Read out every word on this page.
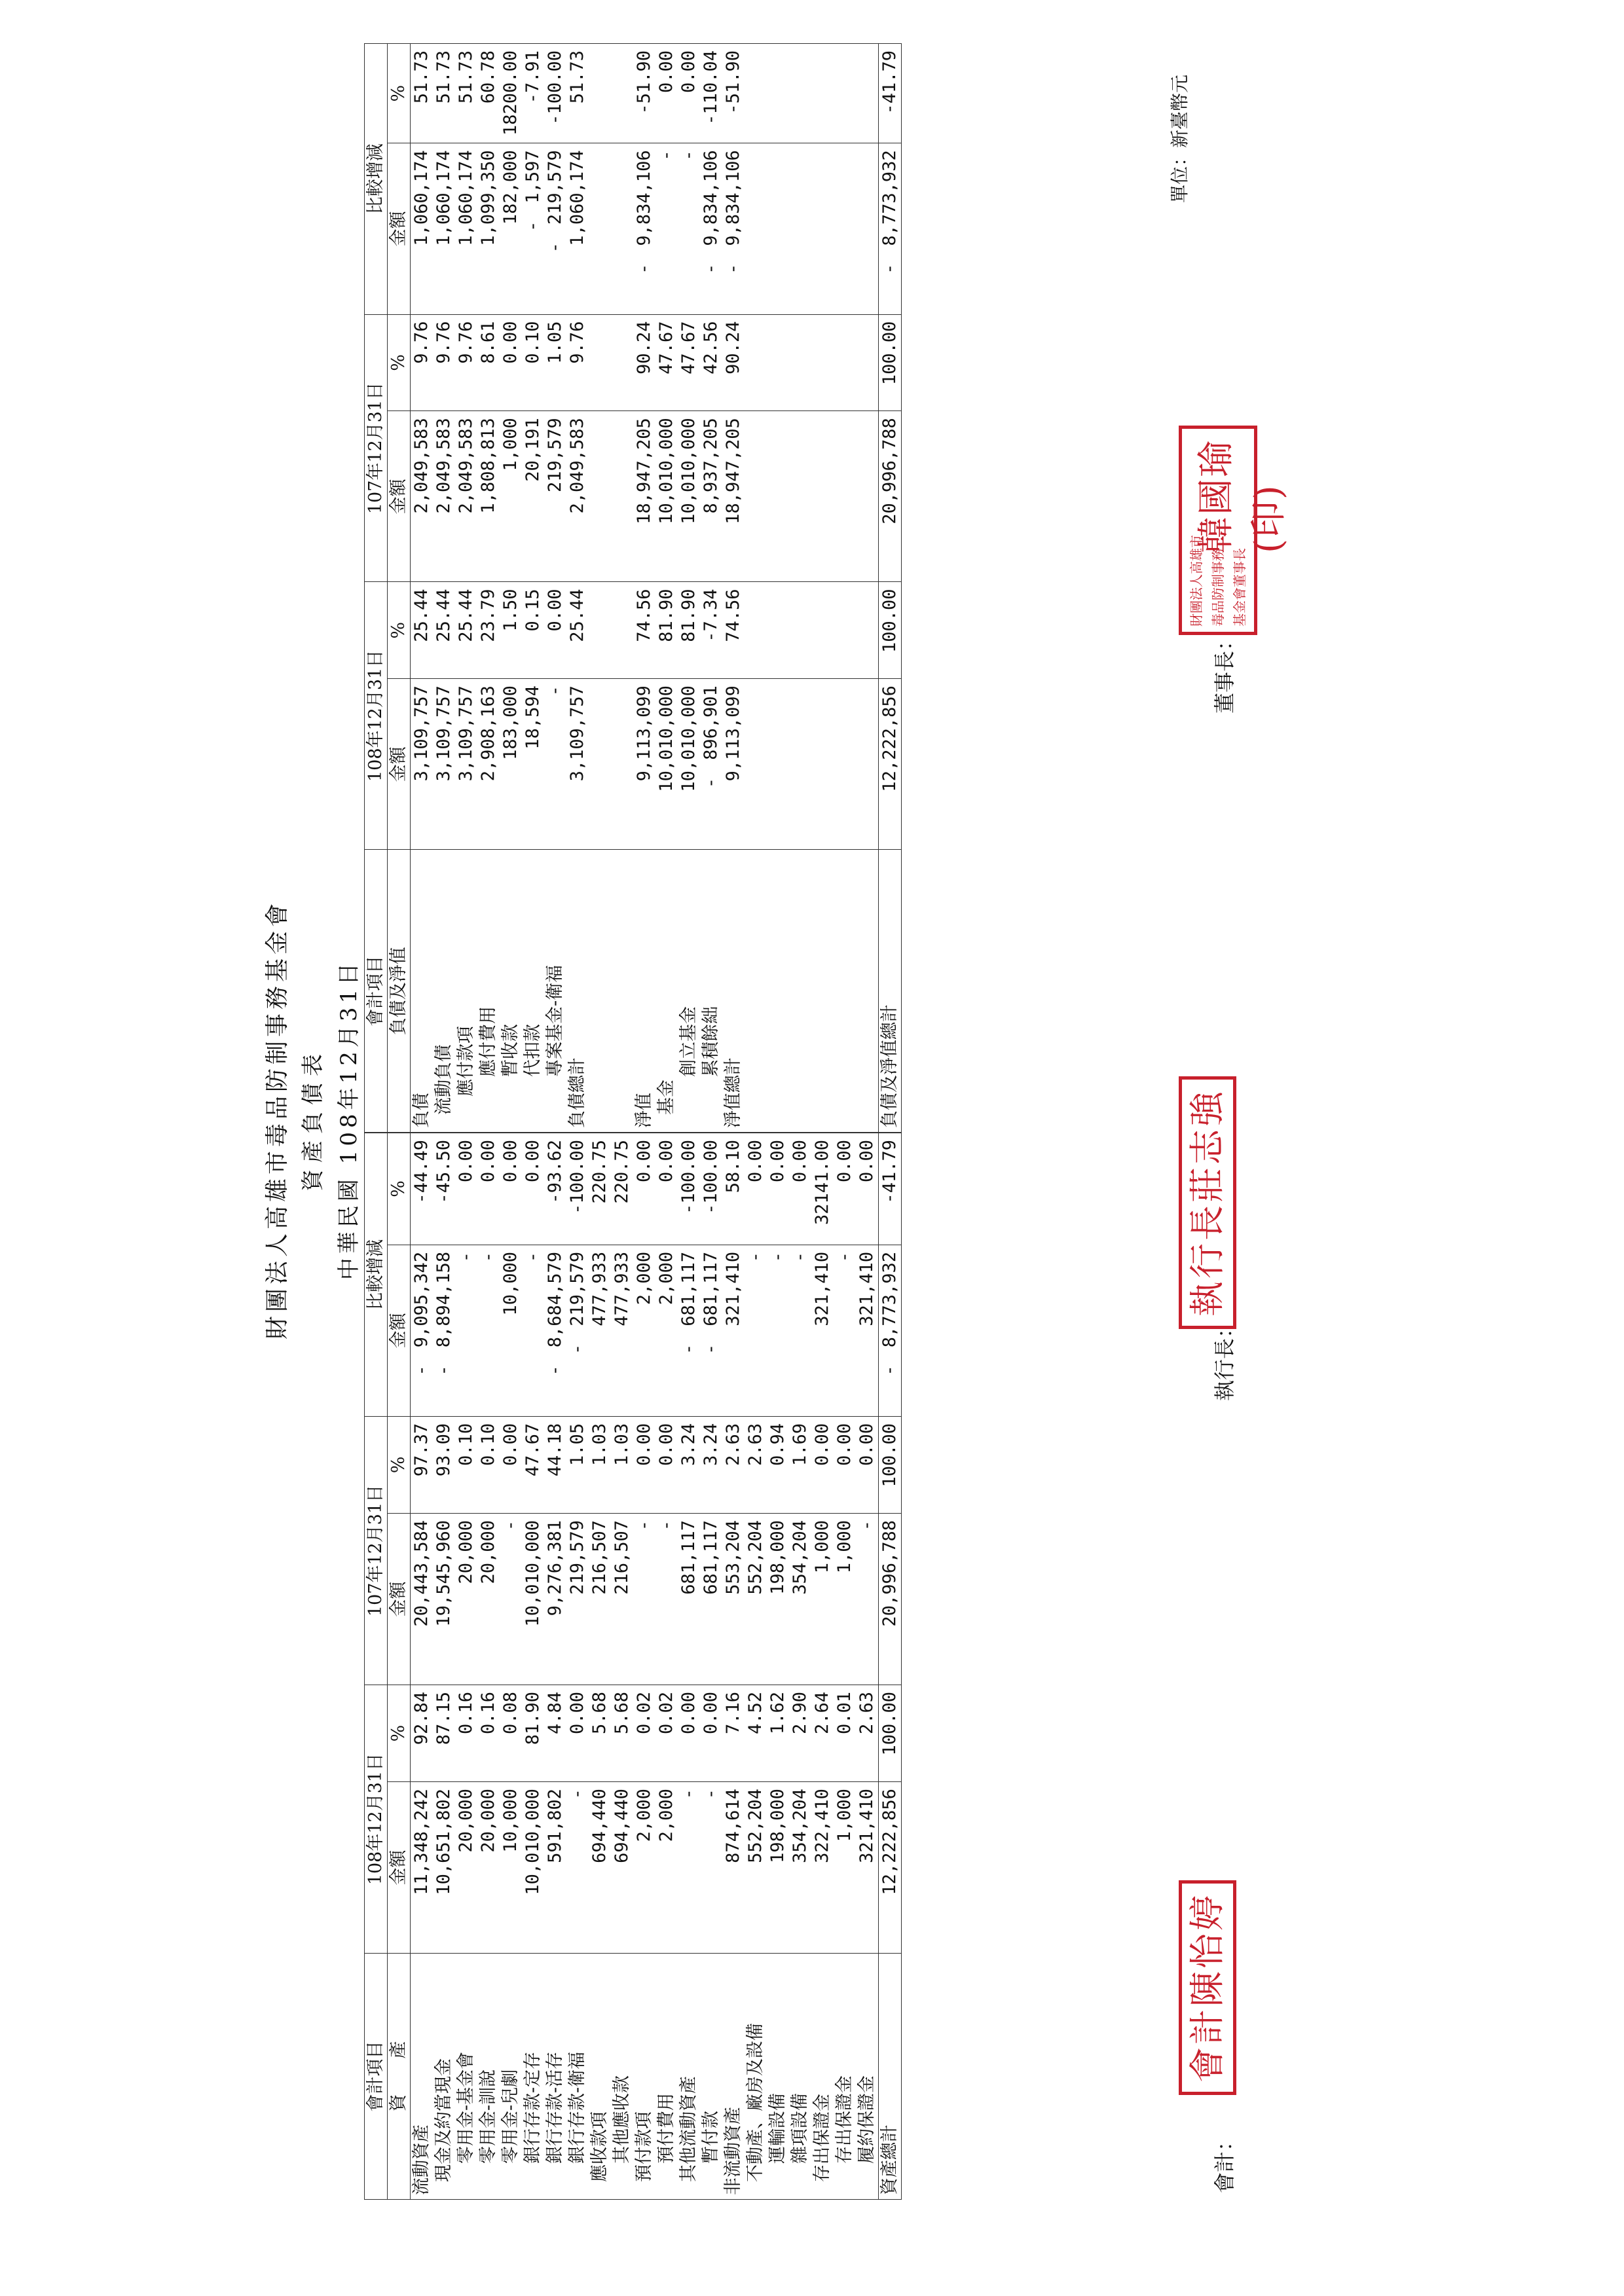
財團法人高雄市毒品防制事務基金會 資產負債表 中華民國 108年12月31日
單位：新臺幣元
會計項目	108年12月31日		107年12月31日		比較增減	
資　　產	金額	%	金額	%	金額	%
流動資產	11,348,242	92.84	20,443,584	97.37	-　9,095,342	-44.49
現金及約當現金	10,651,802	87.15	19,545,960	93.09	-　8,894,158	-45.50
零用金-基金會	20,000	0.16	20,000	0.10	-	0.00
零用金-訓說	20,000	0.16	20,000	0.10	-	0.00
零用金-兒劇	10,000	0.08	-	0.00	10,000	0.00
銀行存款-定存	10,010,000	81.90	10,010,000	47.67	-	0.00
銀行存款-活存	591,802	4.84	9,276,381	44.18	-　8,684,579	-93.62
銀行存款-衛福	-	0.00	219,579	1.05	-　219,579	-100.00
應收款項	694,440	5.68	216,507	1.03	477,933	220.75
其他應收款	694,440	5.68	216,507	1.03	477,933	220.75
預付款項	2,000	0.02	-	0.00	2,000	0.00
預付費用	2,000	0.02	-	0.00	2,000	0.00
其他流動資產	-	0.00	681,117	3.24	-　681,117	-100.00
暫付款	-	0.00	681,117	3.24	-　681,117	-100.00
非流動資產	874,614	7.16	553,204	2.63	321,410	58.10
不動產、廠房及設備	552,204	4.52	552,204	2.63	-	0.00
運輸設備	198,000	1.62	198,000	0.94	-	0.00
雜項設備	354,204	2.90	354,204	1.69	-	0.00
存出保證金	322,410	2.64	1,000	0.00	321,410	32141.00
存出保證金	1,000	0.01	1,000	0.00	-	0.00
履約保證金	321,410	2.63	-	0.00	321,410	0.00
資產總計	12,222,856	100.00	20,996,788	100.00	-　8,773,932	-41.79
會計項目	108年12月31日		107年12月31日		比較增減	
負債及淨值	金額	%	金額	%	金額	%
負債	3,109,757	25.44	2,049,583	9.76	1,060,174	51.73
流動負債	3,109,757	25.44	2,049,583	9.76	1,060,174	51.73
應付款項	3,109,757	25.44	2,049,583	9.76	1,060,174	51.73
應付費用	2,908,163	23.79	1,808,813	8.61	1,099,350	60.78
暫收款	183,000	1.50	1,000	0.00	182,000	18200.00
代扣款	18,594	0.15	20,191	0.10	-　1,597	-7.91
專案基金-衛福	-	0.00	219,579	1.05	-　219,579	-100.00
負債總計	3,109,757	25.44	2,049,583	9.76	1,060,174	51.73

淨值	9,113,099	74.56	18,947,205	90.24	-　9,834,106	-51.90
基金	10,010,000	81.90	10,010,000	47.67	-	0.00
創立基金	10,010,000	81.90	10,010,000	47.67	-	0.00
累積餘絀	-　896,901	-7.34	8,937,205	42.56	-　9,834,106	-110.04
淨值總計	9,113,099	74.56	18,947,205	90.24	-　9,834,106	-51.90

負債及淨值總計	12,222,856	100.00	20,996,788	100.00	-　8,773,932	-41.79
會計：
會計陳怡婷
執行長：
執行長莊志強
董事長：
財團法人高雄市 毒品防制事務 基金會董事長
韓國瑜(印)
